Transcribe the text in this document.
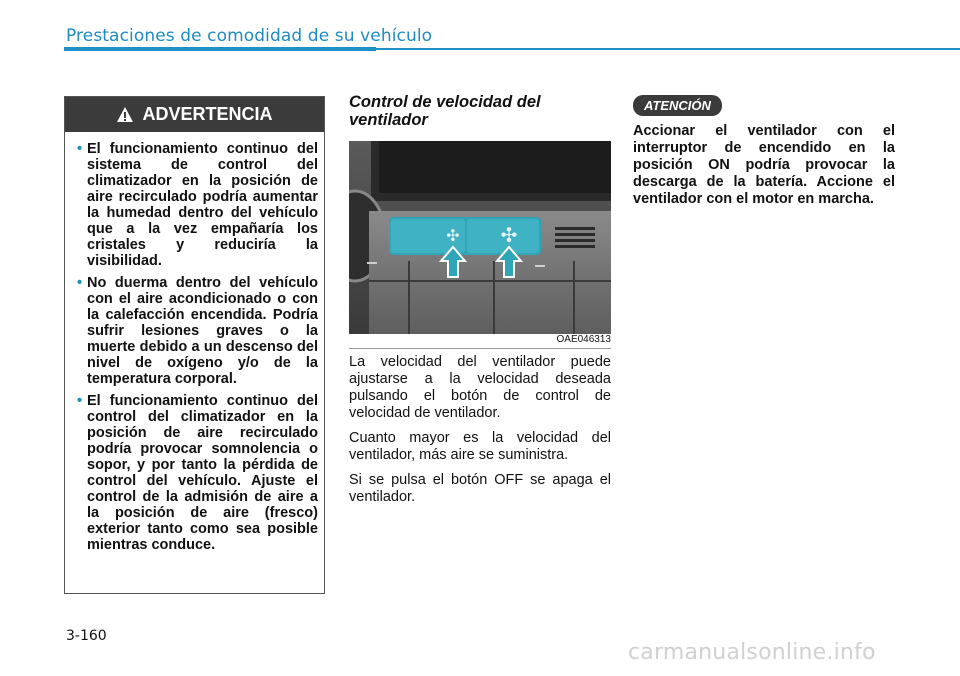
Prestaciones de comodidad de su vehículo
ADVERTENCIA
• El funcionamiento continuo del sistema de control del climatizador en la posición de aire recirculado podría aumentar la humedad dentro del vehículo que a la vez empañaría los cristales y reduciría la visibilidad.
• No duerma dentro del vehículo con el aire acondicionado o con la calefacción encendida. Podría sufrir lesiones graves o la muerte debido a un descenso del nivel de oxígeno y/o de la temperatura corporal.
• El funcionamiento continuo del control del climatizador en la posición de aire recirculado podría provocar somnolencia o sopor, y por tanto la pérdida de control del vehículo. Ajuste el control de la admisión de aire a la posición de aire (fresco) exterior tanto como sea posible mientras conduce.
Control de velocidad del ventilador
✣ ✣
OAE046313

La velocidad del ventilador puede ajustarse a la velocidad deseada pulsando el botón de control de velocidad de ventilador.

Cuanto mayor es la velocidad del ventilador, más aire se suministra.

Si se pulsa el botón OFF se apaga el ventilador.

ATENCIÓN

Accionar el ventilador con el interruptor de encendido en la posición ON podría provocar la descarga de la batería. Accione el ventilador con el motor en marcha.

3-160
carmanualsonline.info
